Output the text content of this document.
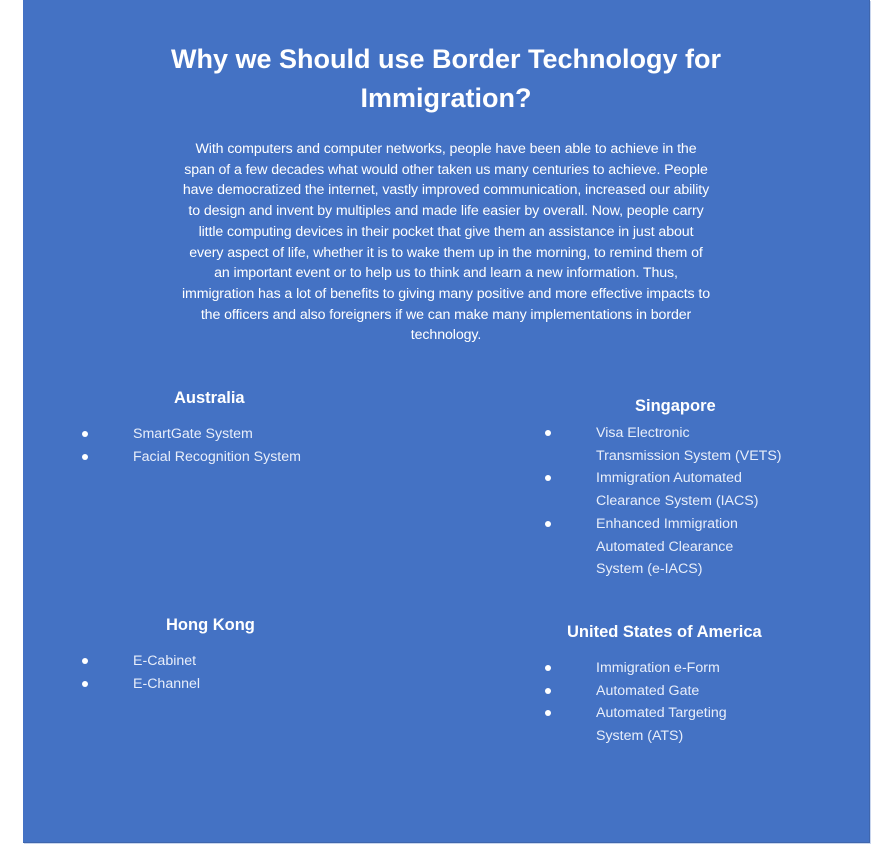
Why we Should use Border Technology for
Immigration?
With computers and computer networks, people have been able to achieve in the
span of a few decades what would other taken us many centuries to achieve. People
have democratized the internet, vastly improved communication, increased our ability
to design and invent by multiples and made life easier by overall. Now, people carry
little computing devices in their pocket that give them an assistance in just about
every aspect of life, whether it is to wake them up in the morning, to remind them of
an important event or to help us to think and learn a new information. Thus,
immigration has a lot of benefits to giving many positive and more effective impacts to
the officers and also foreigners if we can make many implementations in border
technology.
Australia
SmartGate System
Facial Recognition System
Singapore
Visa Electronic
Transmission System (VETS)
Immigration Automated
Clearance System (IACS)
Enhanced Immigration
Automated Clearance
System (e-IACS)
Hong Kong
E-Cabinet
E-Channel
United States of America
Immigration e-Form
Automated Gate
Automated Targeting
System (ATS)
